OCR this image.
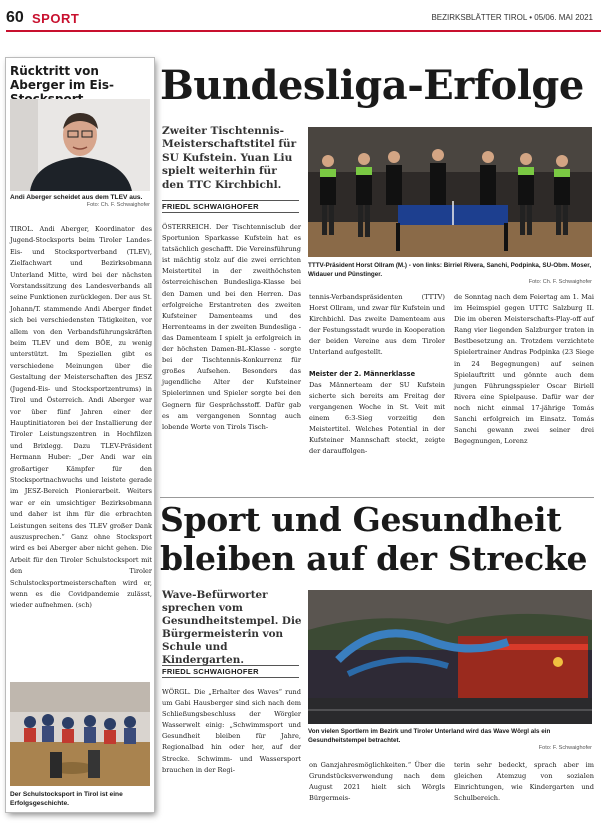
60 SPORT	BEZIRKSBLÄTTER TIROL • 05/06. MAI 2021
Rücktritt von Aberger im Eis-
Andi Aberger scheidet aus dem TLEV aus.
Foto: Ch. F. Schwaighofer
TIROL. Andi Aberger, Koordinator des Jugend-Stocksports beim Tiroler Landes-Eis- und Stocksportverband (TLEV), Zielfachwart und Bezirksobmann Unterland Mitte, wird bei der nächsten Vorstandssitzung des Landesverbands all seine Funktionen zurücklegen. Der aus St. Johann/T. stammende Andi Aberger findet sich bei verschiedensten Tätigkeiten, vor allem von den Verbandsführungskräften beim TLEV und dem BÖE, zu wenig unterstützt. Im Speziellen gibt es verschiedene Meinungen über die Gestaltung der Meisterschaften des JESZ (Jugend-Eis- und Stocksportzentrums) in Tirol und Österreich. Andi Aberger war vor über fünf Jahren einer der Hauptinitiatoren bei der Installierung der Tiroler Leistungszentren in Hochfilzen und Brixlegg. Dazu TLEV-Präsident Hermann Huber: „Der Andi war ein großartiger Kämpfer für den Stocksportnachwuchs und leistete gerade im JESZ-Bereich Pionierarbeit. Weiters war er ein umsichtiger Bezirksobmann und daher ist ihm für die erbrachten Leistungen seitens des TLEV großer Dank auszusprechen.“ Ganz ohne Stocksport wird es bei Aberger aber nicht gehen. Die Arbeit für den Tiroler Schulstocksport mit den Tiroler Schulstocksportmeisterschaften wird er, wenn es die Covidpandemie zulässt, wieder aufnehmen. (sch)
Der Schulstocksport in Tirol ist eine Erfolgsgeschichte.
Bundesliga-Erfolge
Zweiter Tischtennis-Meisterschaftstitel für SU Kufstein. Yuan Liu spielt weiterhin für den TTC Kirchbichl.
FRIEDL SCHWAIGHOFER
TTTV-Präsident Horst Ollram (M.) - von links: Birriel Rivera, Sanchi, Podpinka, SU-Obm. Moser, Widauer und Pünstinger.
Foto: Ch. F. Schwaighofer
ÖSTERREICH. Der Tischtennisclub der Sportunion Sparkasse Kufstein hat es tatsächlich geschafft. Die Vereinsführung ist mächtig stolz auf die zwei errichten Meistertitel in der zweithöchsten österreichischen Bundesliga-Klasse bei den Damen und bei den Herren. Das erfolgreiche Erstantreten des zweiten Kufsteiner Damenteams und des Herrenteams in der zweiten Bundesliga - das Damenteam I spielt ja erfolgreich in der höchsten Damen-BL-Klasse - sorgte bei der Tischtennis-Konkurrenz für großes Aufsehen. Besonders das jugendliche Alter der Kufsteiner Spielerinnen und Spieler sorgte bei den Gegnern für Gesprächsstoff. Dafür gab es am vergangenen Sonntag auch lobende Worte von Tirols Tisch-
tennis-Verbandspräsidenten (TTTV) Horst Ollram, und zwar für Kufstein und Kirchbichl. Das zweite Damenteam aus der Festungsstadt wurde in Kooperation der beiden Vereine aus dem Tiroler Unterland aufgestellt.
Meister der 2. Männerklasse
Das Männerteam der SU Kufstein sicherte sich bereits am Freitag der vergangenen Woche in St. Veit mit einem 6:3-Sieg vorzeitig den Meistertitel. Welches Potential in der Kufsteiner Mannschaft steckt, zeigte der darauffolgen-
de Sonntag nach dem Feiertag am 1. Mai im Heimspiel gegen UTTC Salzburg II. Die im oberen Meisterschafts-Play-off auf Rang vier liegenden Salzburger traten in Bestbesetzung an. Trotzdem verzichtete Spielertrainer Andras Podpinka (23 Siege in 24 Begegnungen) auf seinen Spielauftritt und gönnte auch dem jungen Führungsspieler Oscar Biriell Rivera eine Spielpause. Dafür war der noch nicht einmal 17-jährige Tomás Sanchi erfolgreich im Einsatz. Tomás Sanchi gewann zwei seiner drei Begegnungen, Lorenz
Sport und Gesundheit bleiben auf der Strecke
Wave-Befürworter sprechen vom Gesundheitstempel. Die Bürgermeisterin von Schule und Kindergarten.
FRIEDL SCHWAIGHOFER
Von vielen Sportlern im Bezirk und Tiroler Unterland wird das Wave Wörgl als ein Gesundheitstempel betrachtet.
Foto: F. Schwaighofer
WÖRGL. Die „Erhalter des Waves“ rund um Gabi Hausberger sind sich nach dem Schließungsbeschluss der Wörgler Wasserwelt einig: „Schwimmsport und Gesundheit bleiben für Jahre, Regionalbad hin oder her, auf der Strecke. Schwimm- und Wassersport brauchen in der Regi-
on Ganzjahresmöglichkeiten.“ Über die Grundstücksverwendung nach dem August 2021 hielt sich Wörgls Bürgermeis-
terin sehr bedeckt, sprach aber im gleichen Atemzug von sozialen Einrichtungen, wie Kindergarten und Schulbereich.
